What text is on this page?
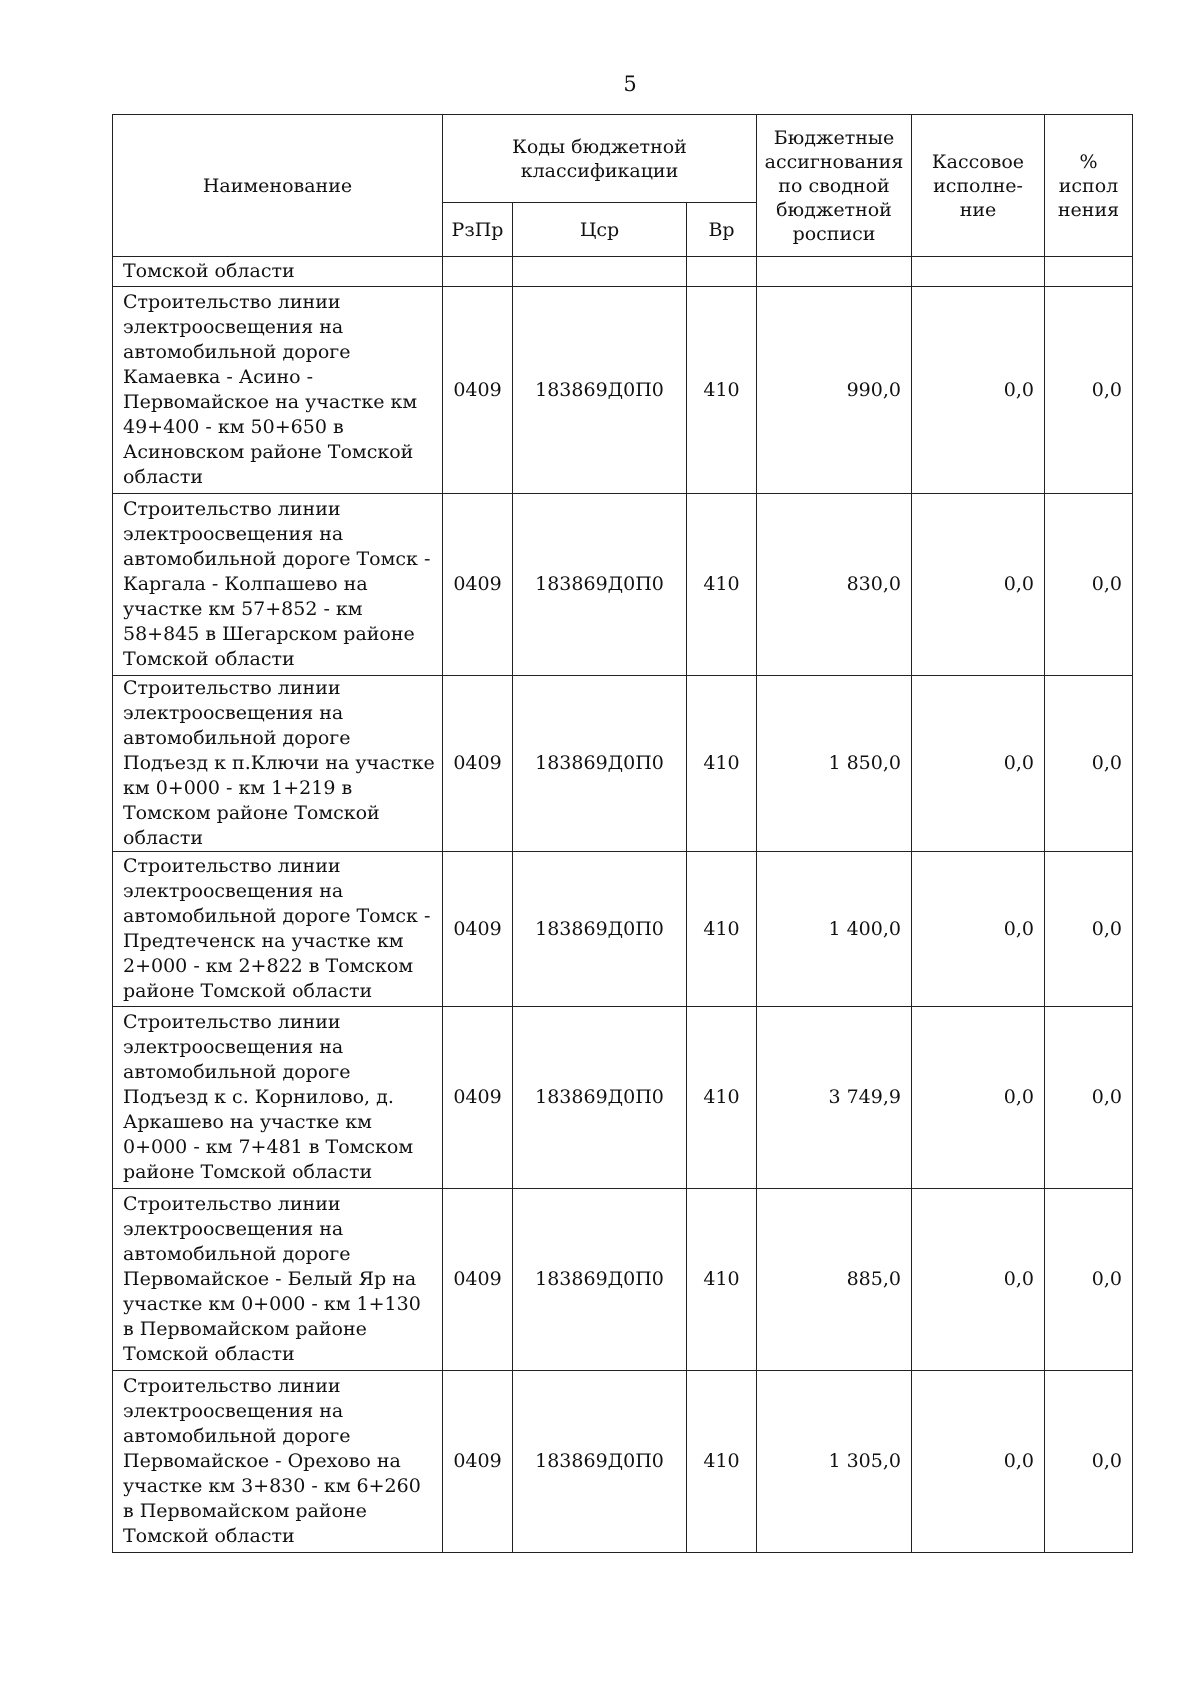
5
Наименование	Коды бюджетной классификации			Бюджетные ассигнования по сводной бюджетной росписи	Кассовое исполне-ние	% испол нения
	РзПр	Цср	Вр			
Томской области						
Строительство линии электроосвещения на автомобильной дороге Камаевка - Асино - Первомайское на участке км 49+400 - км 50+650 в Асиновском районе Томской области	0409	183869Д0П0	410	990,0	0,0	0,0
Строительство линии электроосвещения на автомобильной дороге Томск - Каргала - Колпашево на участке км 57+852 - км 58+845 в Шегарском районе Томской области	0409	183869Д0П0	410	830,0	0,0	0,0
Строительство линии электроосвещения на автомобильной дороге Подъезд к п.Ключи на участке км 0+000 - км 1+219 в Томском районе Томской области	0409	183869Д0П0	410	1 850,0	0,0	0,0
Строительство линии электроосвещения на автомобильной дороге Томск - Предтеченск на участке км 2+000 - км 2+822 в Томском районе Томской области	0409	183869Д0П0	410	1 400,0	0,0	0,0
Строительство линии электроосвещения на автомобильной дороге Подъезд к с. Корнилово, д. Аркашево на участке км 0+000 - км 7+481 в Томском районе Томской области	0409	183869Д0П0	410	3 749,9	0,0	0,0
Строительство линии электроосвещения на автомобильной дороге Первомайское - Белый Яр на участке км 0+000 - км 1+130 в Первомайском районе Томской области	0409	183869Д0П0	410	885,0	0,0	0,0
Строительство линии электроосвещения на автомобильной дороге Первомайское - Орехово на участке км 3+830 - км 6+260 в Первомайском районе Томской области	0409	183869Д0П0	410	1 305,0	0,0	0,0
